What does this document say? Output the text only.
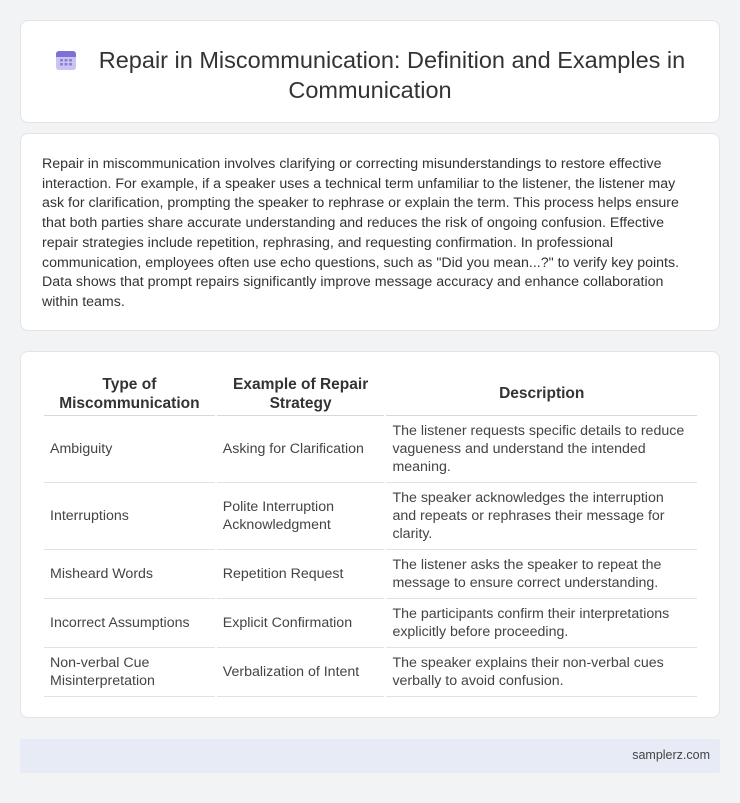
Repair in Miscommunication: Definition and Examples in Communication

Repair in miscommunication involves clarifying or correcting misunderstandings to restore effective interaction. For example, if a speaker uses a technical term unfamiliar to the listener, the listener may ask for clarification, prompting the speaker to rephrase or explain the term. This process helps ensure that both parties share accurate understanding and reduces the risk of ongoing confusion. Effective repair strategies include repetition, rephrasing, and requesting confirmation. In professional communication, employees often use echo questions, such as "Did you mean...?" to verify key points. Data shows that prompt repairs significantly improve message accuracy and enhance collaboration within teams.

Type of Miscommunication	Example of Repair Strategy	Description
Ambiguity	Asking for Clarification	The listener requests specific details to reduce vagueness and understand the intended meaning.
Interruptions	Polite Interruption Acknowledgment	The speaker acknowledges the interruption and repeats or rephrases their message for clarity.
Misheard Words	Repetition Request	The listener asks the speaker to repeat the message to ensure correct understanding.
Incorrect Assumptions	Explicit Confirmation	The participants confirm their interpretations explicitly before proceeding.
Non-verbal Cue Misinterpretation	Verbalization of Intent	The speaker explains their non-verbal cues verbally to avoid confusion.
samplerz.com
